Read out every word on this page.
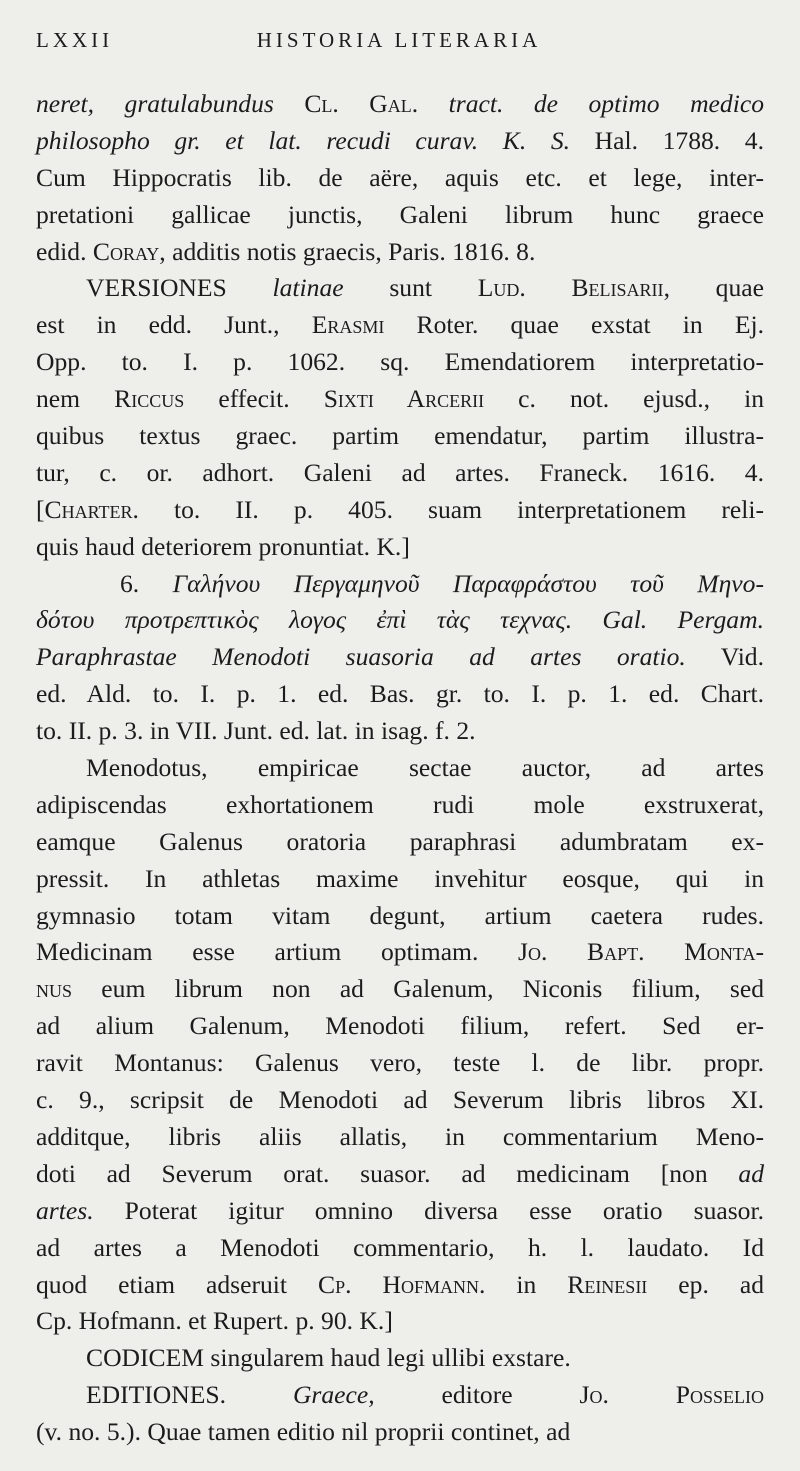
LXXII	HISTORIA LITERARIA
neret, gratulabundus Cl. Gal. tract. de optimo medico
philosopho gr. et lat. recudi curav. K. S. Hal. 1788. 4.
Cum Hippocratis lib. de aëre, aquis etc. et lege, inter-
pretationi gallicae junctis, Galeni librum hunc graece
edid. Coray, additis notis graecis, Paris. 1816. 8.
VERSIONES latinae sunt Lud. Belisarii, quae
est in edd. Junt., Erasmi Roter. quae exstat in Ej.
Opp. to. I. p. 1062. sq. Emendatiorem interpretatio-
nem Riccus effecit. Sixti Arcerii c. not. ejusd., in
quibus textus graec. partim emendatur, partim illustra-
tur, c. or. adhort. Galeni ad artes. Franeck. 1616. 4.
[Charter. to. II. p. 405. suam interpretationem reli-
quis haud deteriorem pronuntiat. K.]
6. Γαλήνου Περγαμηνοῦ Παραφράστου τοῦ Μηνο-
δότου προτρεπτικὸς λογος ἐπὶ τὰς τεχνας. Gal. Pergam.
Paraphrastae Menodoti suasoria ad artes oratio. Vid.
ed. Ald. to. I. p. 1. ed. Bas. gr. to. I. p. 1. ed. Chart.
to. II. p. 3. in VII. Junt. ed. lat. in isag. f. 2.
Menodotus, empiricae sectae auctor, ad artes
adipiscendas exhortationem rudi mole exstruxerat,
eamque Galenus oratoria paraphrasi adumbratam ex-
pressit. In athletas maxime invehitur eosque, qui in
gymnasio totam vitam degunt, artium caetera rudes.
Medicinam esse artium optimam. Jo. Bapt. Monta-
nus eum librum non ad Galenum, Niconis filium, sed
ad alium Galenum, Menodoti filium, refert. Sed er-
ravit Montanus: Galenus vero, teste l. de libr. propr.
c. 9., scripsit de Menodoti ad Severum libris libros XI.
additque, libris aliis allatis, in commentarium Meno-
doti ad Severum orat. suasor. ad medicinam [non ad
artes. Poterat igitur omnino diversa esse oratio suasor.
ad artes a Menodoti commentario, h. l. laudato. Id
quod etiam adseruit Cp. Hofmann. in Reinesii ep. ad
Cp. Hofmann. et Rupert. p. 90. K.]
CODICEM singularem haud legi ullibi exstare.
EDITIONES. Graece, editore Jo. Posselio
(v. no. 5.). Quae tamen editio nil proprii continet, ad
